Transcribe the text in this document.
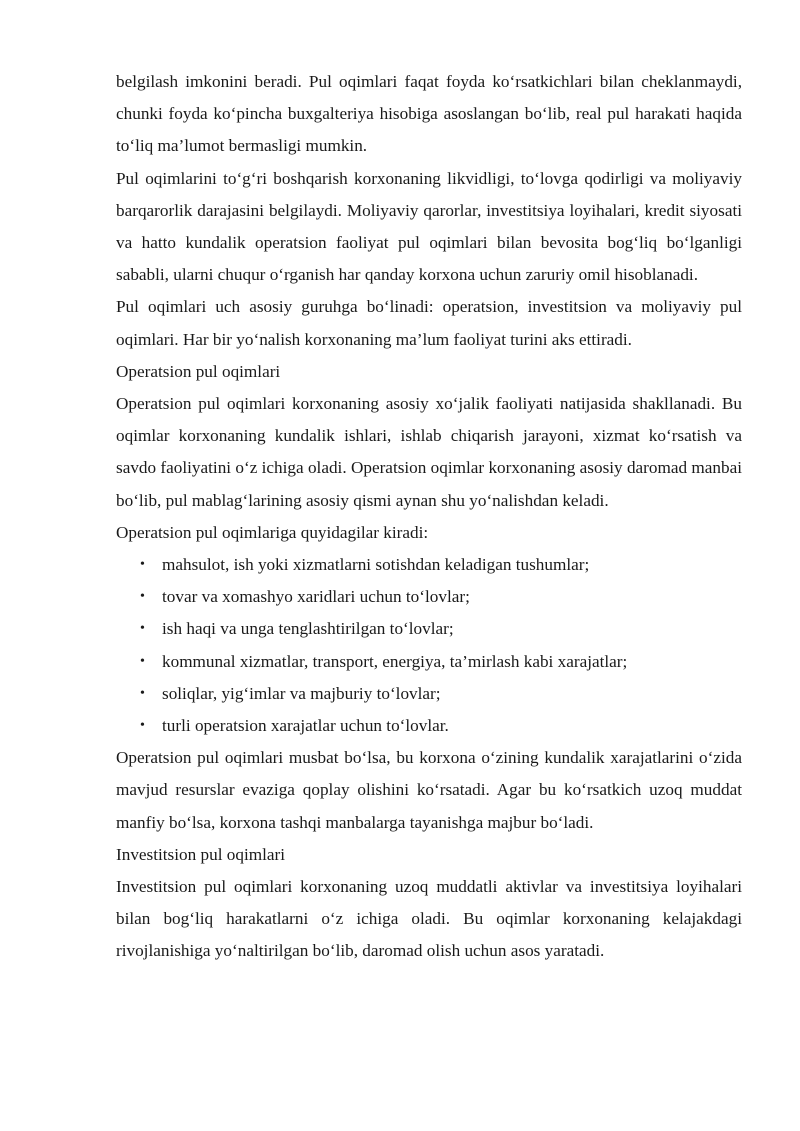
belgilash imkonini beradi. Pul oqimlari faqat foyda ko‘rsatkichlari bilan cheklanmaydi, chunki foyda ko‘pincha buxgalteriya hisobiga asoslangan bo‘lib, real pul harakati haqida to‘liq ma’lumot bermasligi mumkin.

Pul oqimlarini to‘g‘ri boshqarish korxonaning likvidligi, to‘lovga qodirligi va moliyaviy barqarorlik darajasini belgilaydi. Moliyaviy qarorlar, investitsiya loyihalari, kredit siyosati va hatto kundalik operatsion faoliyat pul oqimlari bilan bevosita bog‘liq bo‘lganligi sababli, ularni chuqur o‘rganish har qanday korxona uchun zaruriy omil hisoblanadi.

Pul oqimlari uch asosiy guruhga bo‘linadi: operatsion, investitsion va moliyaviy pul oqimlari. Har bir yo‘nalish korxonaning ma’lum faoliyat turini aks ettiradi.

Operatsion pul oqimlari

Operatsion pul oqimlari korxonaning asosiy xo‘jalik faoliyati natijasida shakllanadi. Bu oqimlar korxonaning kundalik ishlari, ishlab chiqarish jarayoni, xizmat ko‘rsatish va savdo faoliyatini o‘z ichiga oladi. Operatsion oqimlar korxonaning asosiy daromad manbai bo‘lib, pul mablag‘larining asosiy qismi aynan shu yo‘nalishdan keladi.

Operatsion pul oqimlariga quyidagilar kiradi:

• mahsulot, ish yoki xizmatlarni sotishdan keladigan tushumlar;
• tovar va xomashyo xaridlari uchun to‘lovlar;
• ish haqi va unga tenglashtirilgan to‘lovlar;
• kommunal xizmatlar, transport, energiya, ta’mirlash kabi xarajatlar;
• soliqlar, yig‘imlar va majburiy to‘lovlar;
• turli operatsion xarajatlar uchun to‘lovlar.

Operatsion pul oqimlari musbat bo‘lsa, bu korxona o‘zining kundalik xarajatlarini o‘zida mavjud resurslar evaziga qoplay olishini ko‘rsatadi. Agar bu ko‘rsatkich uzoq muddat manfiy bo‘lsa, korxona tashqi manbalarga tayanishga majbur bo‘ladi.

Investitsion pul oqimlari

Investitsion pul oqimlari korxonaning uzoq muddatli aktivlar va investitsiya loyihalari bilan bog‘liq harakatlarni o‘z ichiga oladi. Bu oqimlar korxonaning kelajakdagi rivojlanishiga yo‘naltirilgan bo‘lib, daromad olish uchun asos yaratadi.
